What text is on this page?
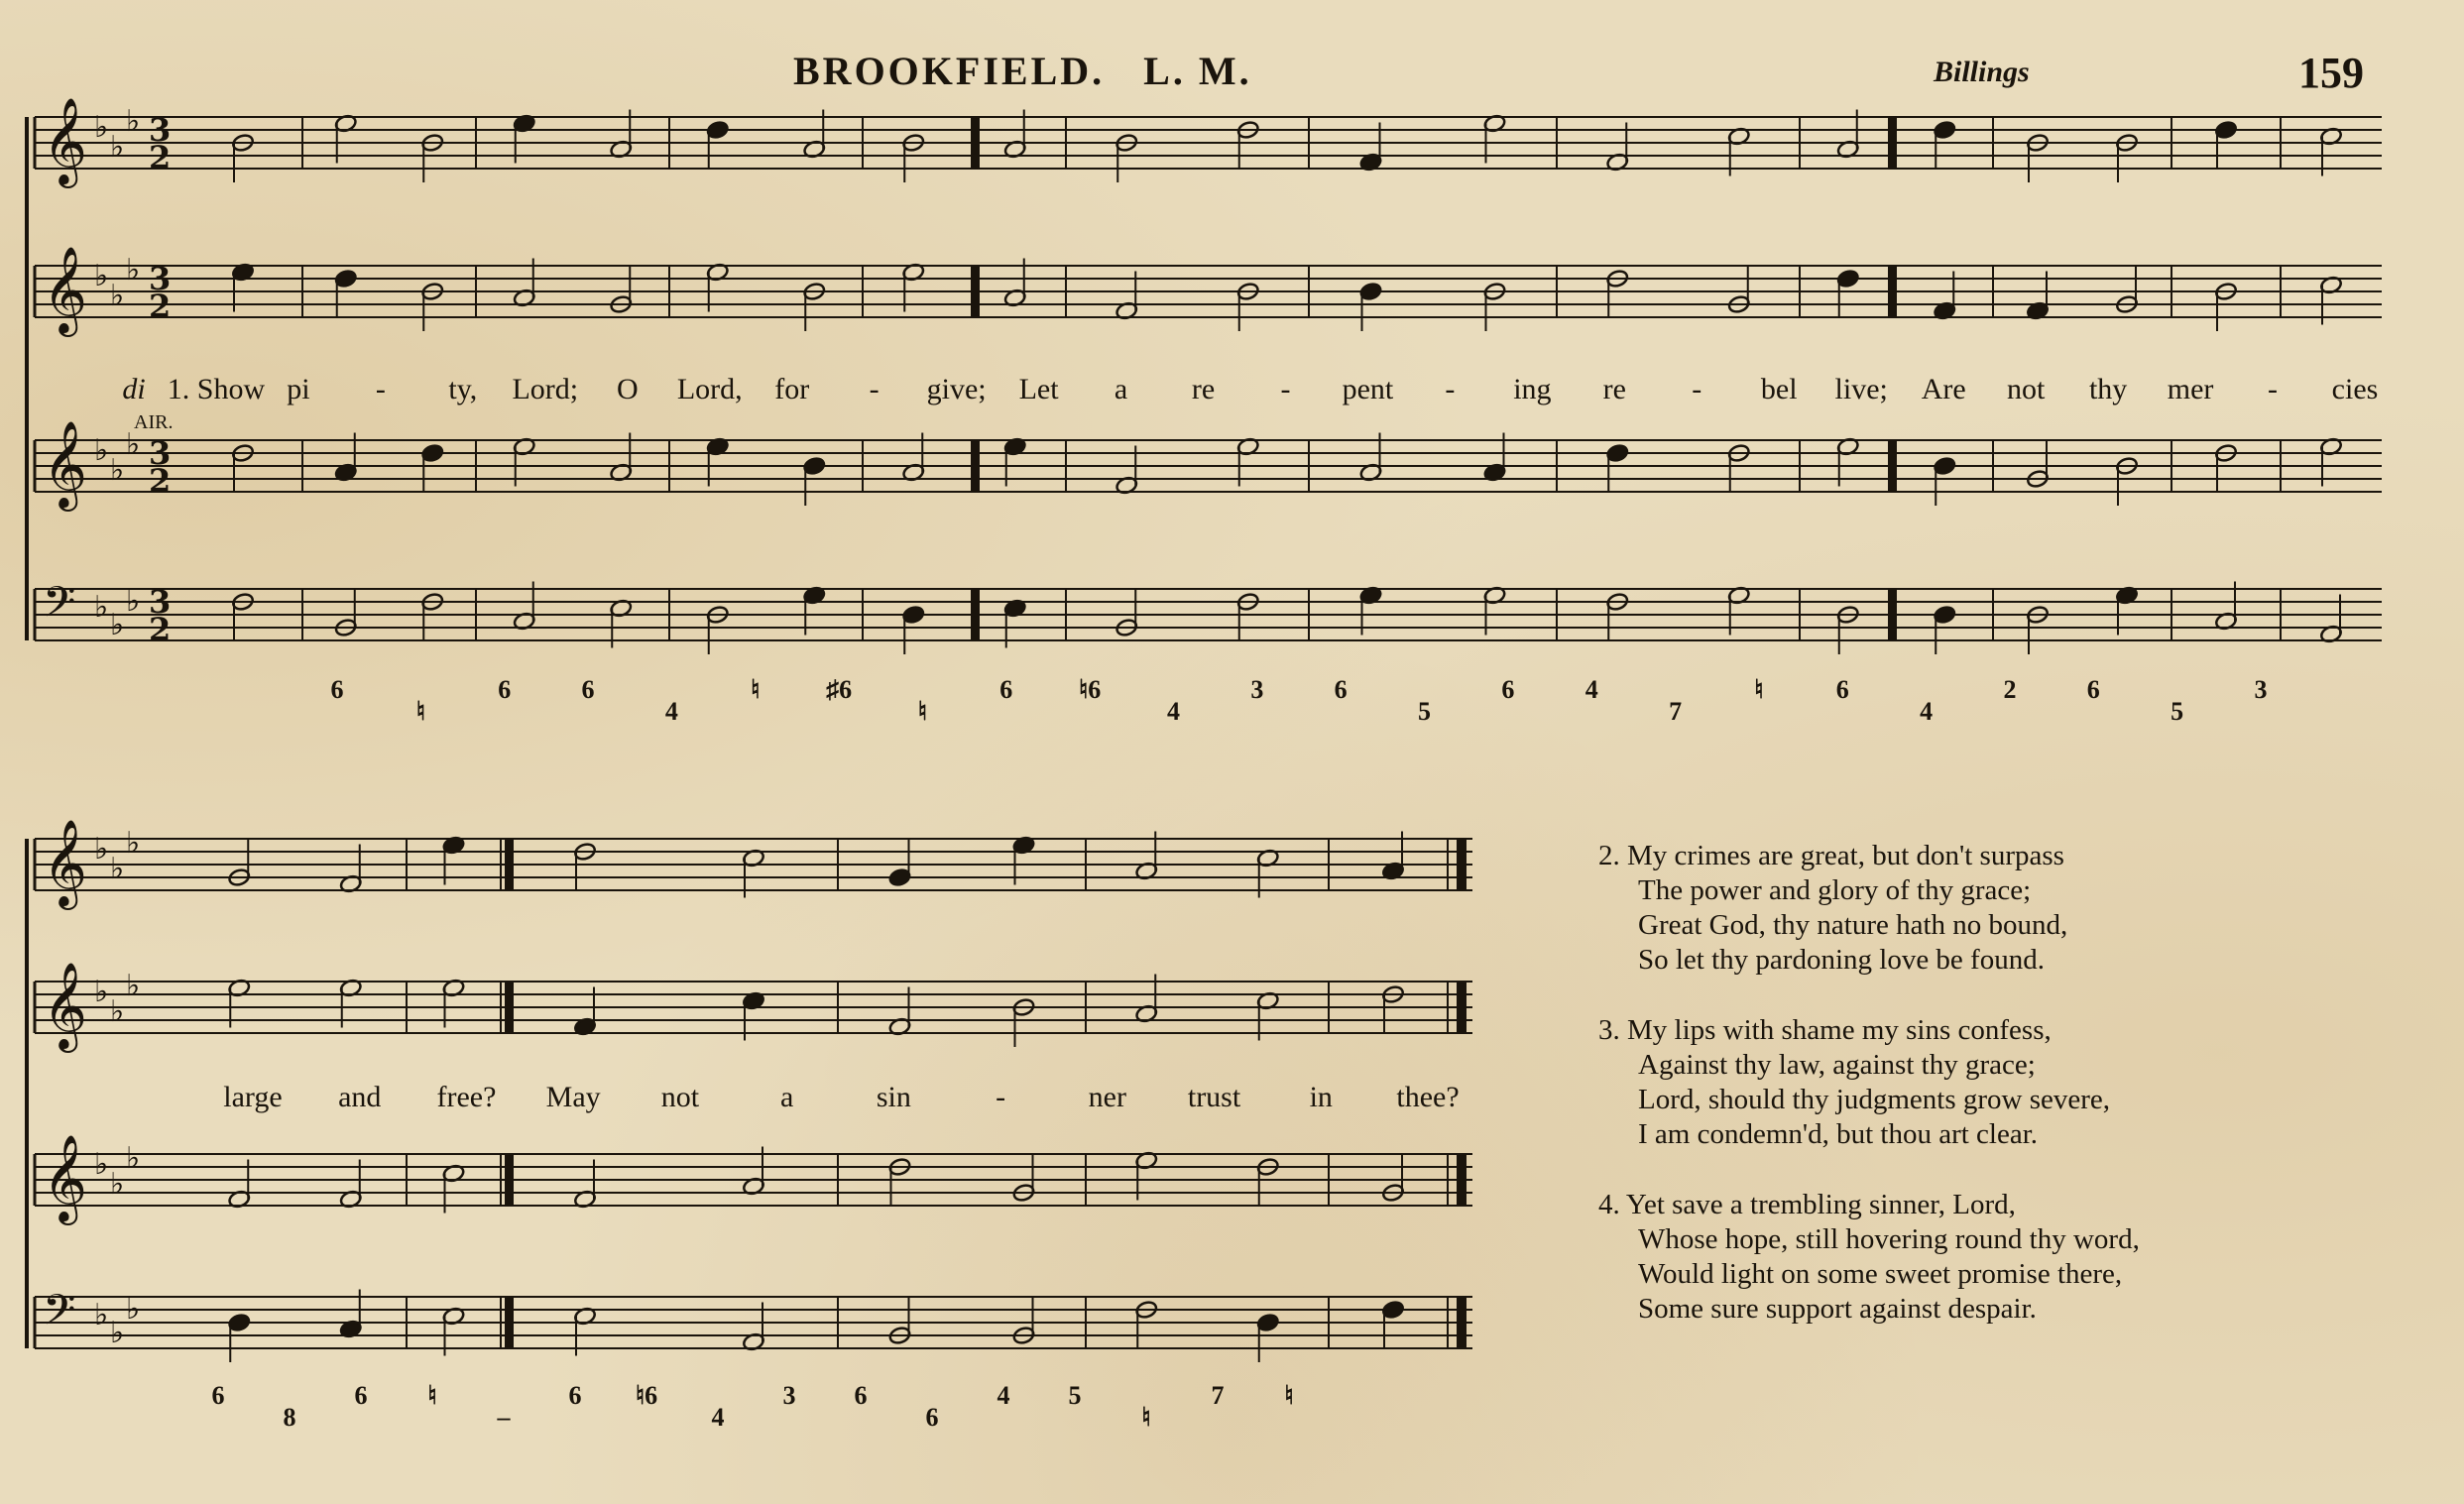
BROOKFIELD. L. M.	Billings	159
𝄞 ♭
♭
♭ 3
2
𝄞 ♭
♭
♭ 3
2
𝄞 ♭
♭
♭ 3
2
𝄢 ♭
♭
♭ 3
2
𝄞 ♭
♭
♭
𝄞 ♭
♭
♭
𝄞 ♭
♭
♭
𝄢 ♭
♭
♭
AIR.
di 1. Show pi - ty, Lord; O Lord, for - give; Let a re - pent - ing re - bel live; Are not thy mer - cies
large and free? May not	a	sin	-	ner trust in thee?
6
♮
6	6
4
♮	♯6
♮
6	♮6
4
3	6
5
6	4
7
♮	6
4
2	6
5
3
6
8
6 ♮
–
6 ♮6
4
3 6
6
4 5
♮
7 ♮
2. My crimes are great, but don't surpass
The power and glory of thy grace;
Great God, thy nature hath no bound,
So let thy pardoning love be found.
3. My lips with shame my sins confess,
Against thy law, against thy grace;
Lord, should thy judgments grow severe,
I am condemn'd, but thou art clear.
4. Yet save a trembling sinner, Lord,
Whose hope, still hovering round thy word,
Would light on some sweet promise there,
Some sure support against despair.
